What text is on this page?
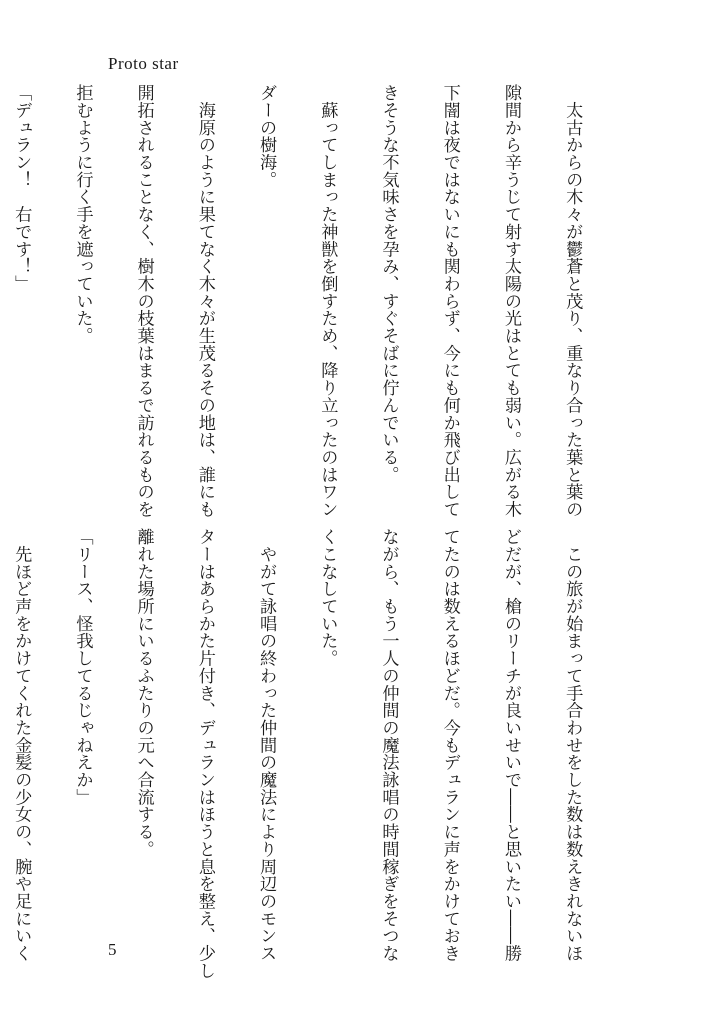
Proto star

　太古からの木々が鬱蒼と茂り、重なり合った葉と葉の

隙間から辛うじて射す太陽の光はとても弱い。広がる木

下闇は夜ではないにも関わらず、今にも何か飛び出して

きそうな不気味さを孕み、すぐそばに佇んでいる。

　蘇ってしまった神獣を倒すため、降り立ったのはワン

ダーの樹海。

　海原のように果てなく木々が生茂るその地は、誰にも

開拓されることなく、樹木の枝葉はまるで訪れるものを

拒むように行く手を遮っていた。

「デュラン！　右です！」

　この旅が始まって手合わせをした数は数えきれないほ

どだが、槍のリーチが良いせいで――と思いたい――勝

てたのは数えるほどだ。今もデュランに声をかけておき

ながら、もう一人の仲間の魔法詠唱の時間稼ぎをそつな

くこなしていた。

　やがて詠唱の終わった仲間の魔法により周辺のモンス

ターはあらかた片付き、デュランはほうと息を整え、少し

離れた場所にいるふたりの元へ合流する。

「リース、怪我してるじゃねえか」

　先ほど声をかけてくれた金髪の少女の、腕や足にいく

	5
